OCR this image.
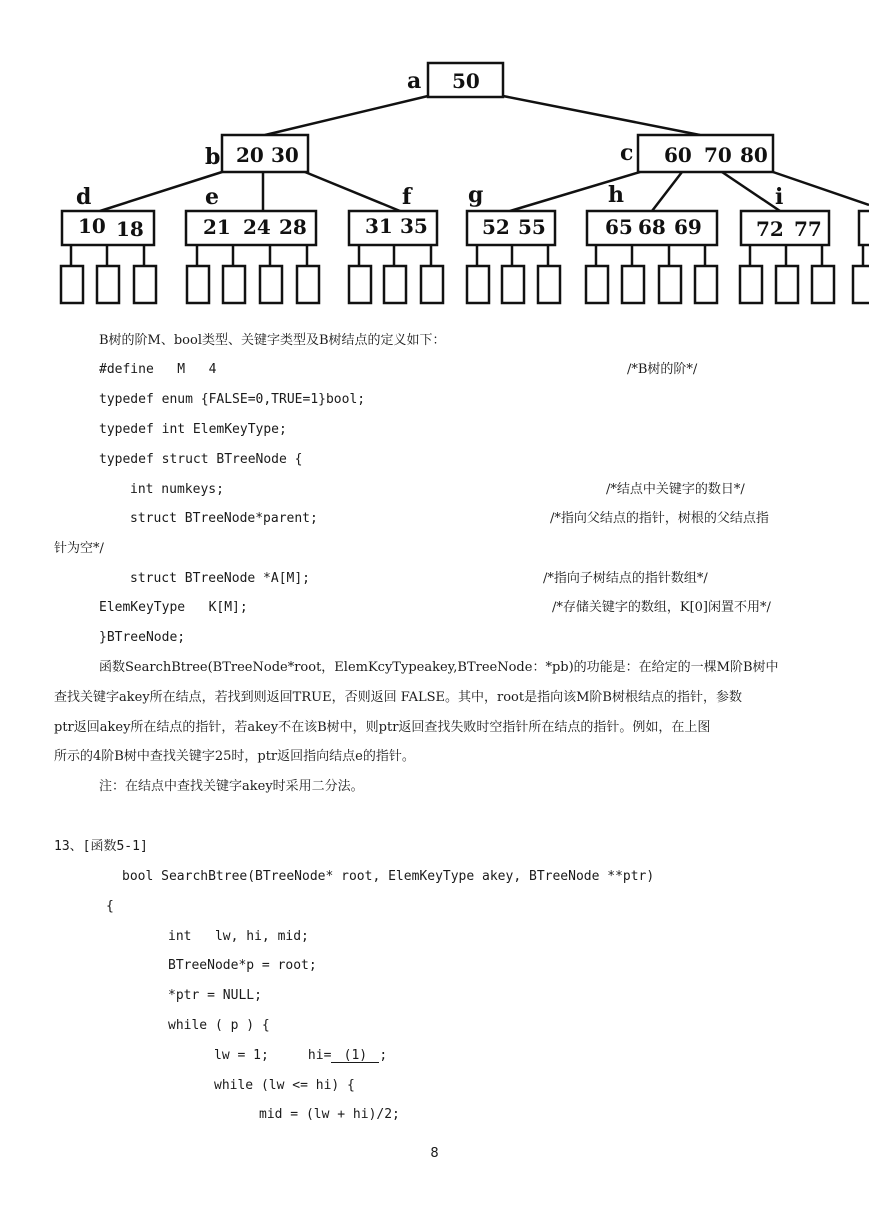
a
b	c
d	e	f	g	h	i
50
20 30	60 70 80
10 18	21 24 28	31 35	52 55	65 68 69	72 77
B树的阶M、bool类型、关键字类型及B树结点的定义如下：
#define   M   4	/*B树的阶*/
typedef enum {FALSE=0,TRUE=1}bool;
typedef int ElemKeyType;
typedef struct BTreeNode {
int numkeys;	/*结点中关键字的数日*/
struct BTreeNode*parent;	/*指向父结点的指针，树根的父结点指
针为空*/
struct BTreeNode *A[M];	/*指向子树结点的指针数组*/
ElemKeyType   K[M];	/*存储关键字的数组，K[0]闲置不用*/
}BTreeNode;
函数SearchBtree(BTreeNode*root，ElemKcyTypeakey,BTreeNode：*pb)的功能是：在给定的一棵M阶B树中
查找关键字akey所在结点，若找到则返回TRUE，否则返回 FALSE。其中，root是指向该M阶B树根结点的指针，参数
ptr返回akey所在结点的指针，若akey不在该B树中，则ptr返回查找失败时空指针所在结点的指针。例如，在上图
所示的4阶B树中查找关键字25时，ptr返回指向结点e的指针。
注：在结点中查找关键字akey时采用二分法。
13、[函数5-1]
bool SearchBtree(BTreeNode* root, ElemKeyType akey, BTreeNode **ptr)
{
int   lw, hi, mid;
BTreeNode*p = root;
*ptr = NULL;
while ( p ) {
lw = 1;     hi= (1) ;
while (lw <= hi) {
mid = (lw + hi)/2;
8
